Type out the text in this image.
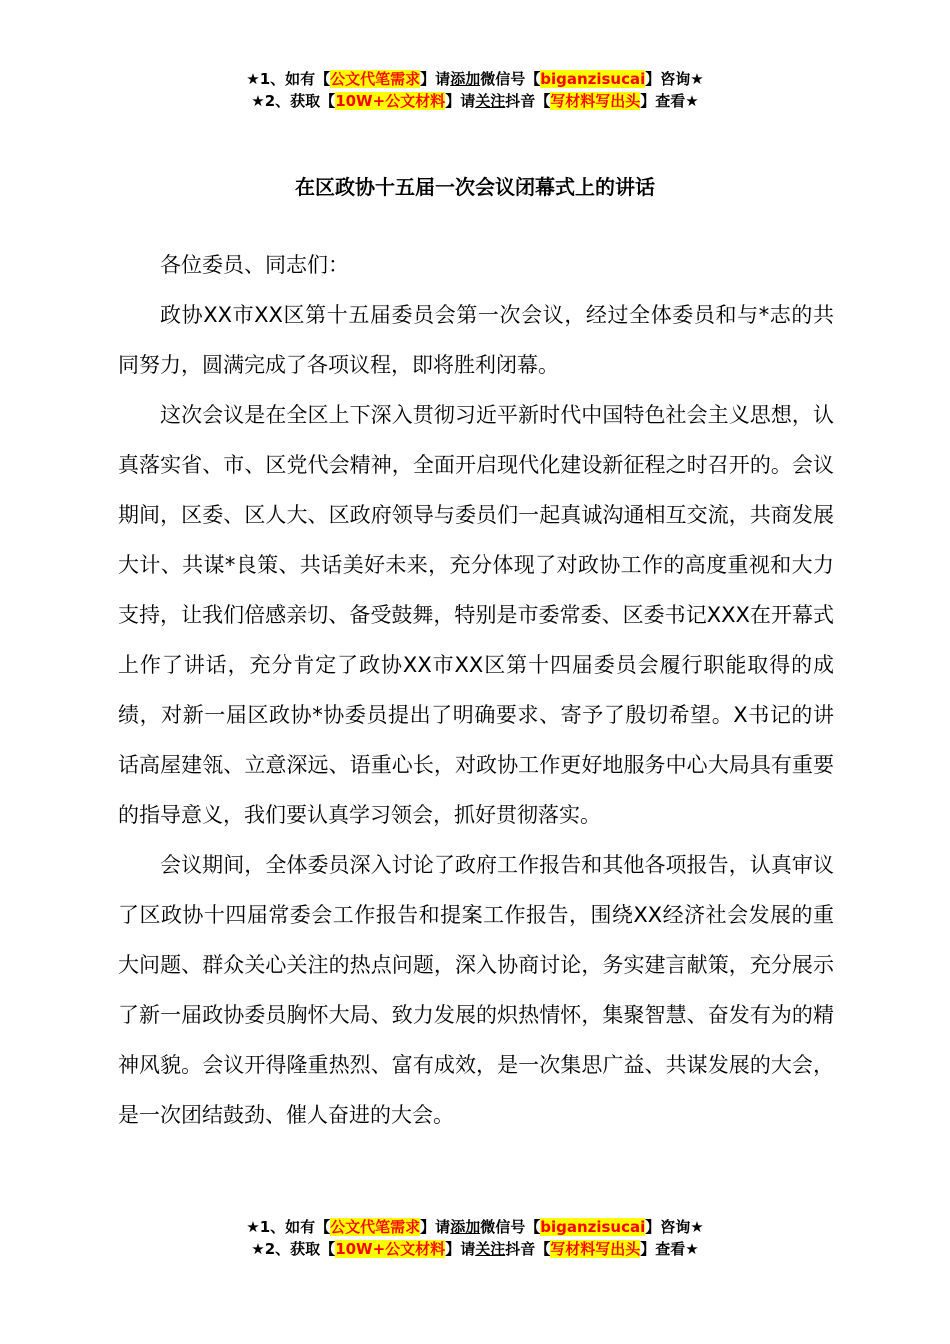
★1、如有【公文代笔需求】请添加微信号【biganzisucai】咨询★
★2、获取【10W+公文材料】请关注抖音【写材料写出头】查看★
在区政协十五届一次会议闭幕式上的讲话

各位委员、同志们：

政协XX市XX区第十五届委员会第一次会议，经过全体委员和与*志的共同努力，圆满完成了各项议程，即将胜利闭幕。

这次会议是在全区上下深入贯彻习近平新时代中国特色社会主义思想，认真落实省、市、区党代会精神，全面开启现代化建设新征程之时召开的。会议期间，区委、区人大、区政府领导与委员们一起真诚沟通相互交流，共商发展大计、共谋*良策、共话美好未来，充分体现了对政协工作的高度重视和大力支持，让我们倍感亲切、备受鼓舞，特别是市委常委、区委书记XXX在开幕式上作了讲话，充分肯定了政协XX市XX区第十四届委员会履行职能取得的成绩，对新一届区政协*协委员提出了明确要求、寄予了殷切希望。X书记的讲话高屋建瓴、立意深远、语重心长，对政协工作更好地服务中心大局具有重要的指导意义，我们要认真学习领会，抓好贯彻落实。

会议期间，全体委员深入讨论了政府工作报告和其他各项报告，认真审议了区政协十四届常委会工作报告和提案工作报告，围绕XX经济社会发展的重大问题、群众关心关注的热点问题，深入协商讨论，务实建言献策，充分展示了新一届政协委员胸怀大局、致力发展的炽热情怀，集聚智慧、奋发有为的精神风貌。会议开得隆重热烈、富有成效，是一次集思广益、共谋发展的大会，是一次团结鼓劲、催人奋进的大会。

★1、如有【公文代笔需求】请添加微信号【biganzisucai】咨询★
★2、获取【10W+公文材料】请关注抖音【写材料写出头】查看★
